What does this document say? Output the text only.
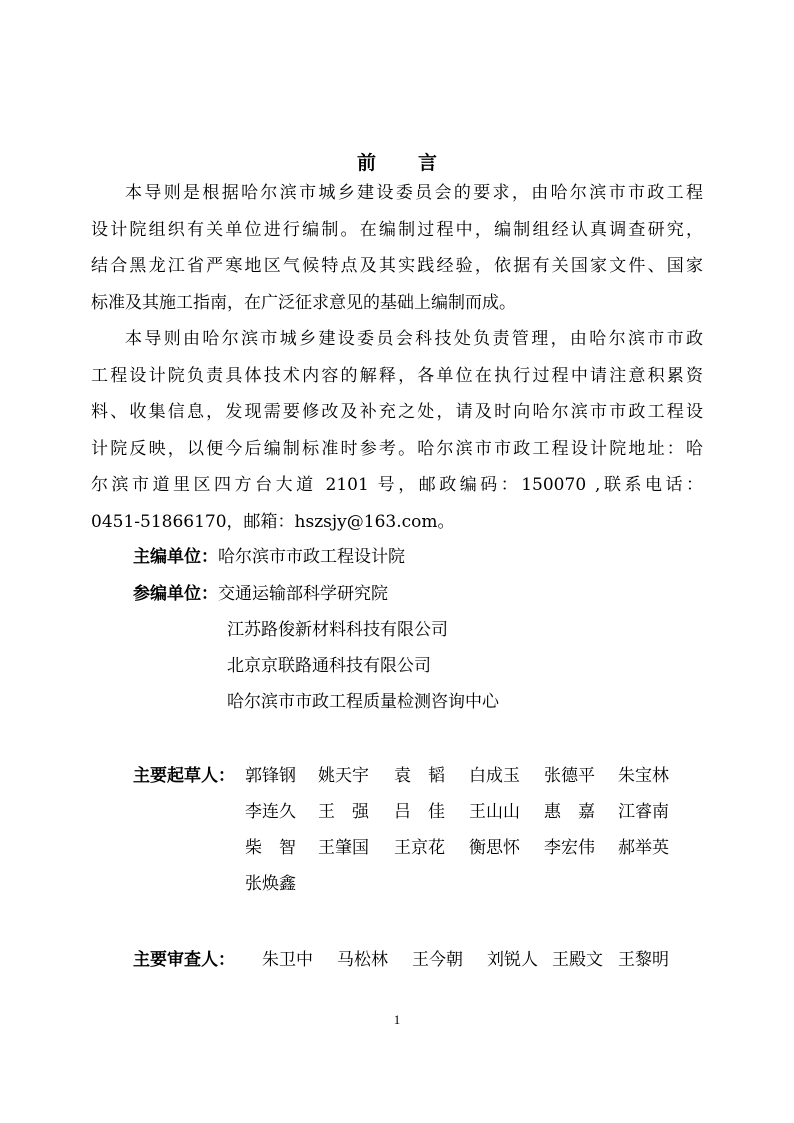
前 言
本导则是根据哈尔滨市城乡建设委员会的要求，由哈尔滨市市政工程
设计院组织有关单位进行编制。在编制过程中，编制组经认真调查研究，
结合黑龙江省严寒地区气候特点及其实践经验，依据有关国家文件、国家
标准及其施工指南，在广泛征求意见的基础上编制而成。
本导则由哈尔滨市城乡建设委员会科技处负责管理，由哈尔滨市市政
工程设计院负责具体技术内容的解释，各单位在执行过程中请注意积累资
料、收集信息，发现需要修改及补充之处，请及时向哈尔滨市市政工程设
计院反映，以便今后编制标准时参考。哈尔滨市市政工程设计院地址：哈
尔滨市道里区四方台大道 2101 号，邮政编码：150070 ,联系电话：
0451-51866170，邮箱：hszsjy@163.com。
主编单位：哈尔滨市市政工程设计院
参编单位：交通运输部科学研究院
江苏路俊新材料科技有限公司
北京京联路通科技有限公司
哈尔滨市市政工程质量检测咨询中心
主要起草人： 郭锋钢 姚天宇 袁　韬 白成玉 张德平 朱宝林
李连久 王　强 吕　佳 王山山 惠　嘉 江睿南
柴　智 王肇国 王京花 衡思怀 李宏伟 郝举英
张焕鑫
主要审查人： 朱卫中 马松林 王今朝 刘锐人 王殿文 王黎明
1
